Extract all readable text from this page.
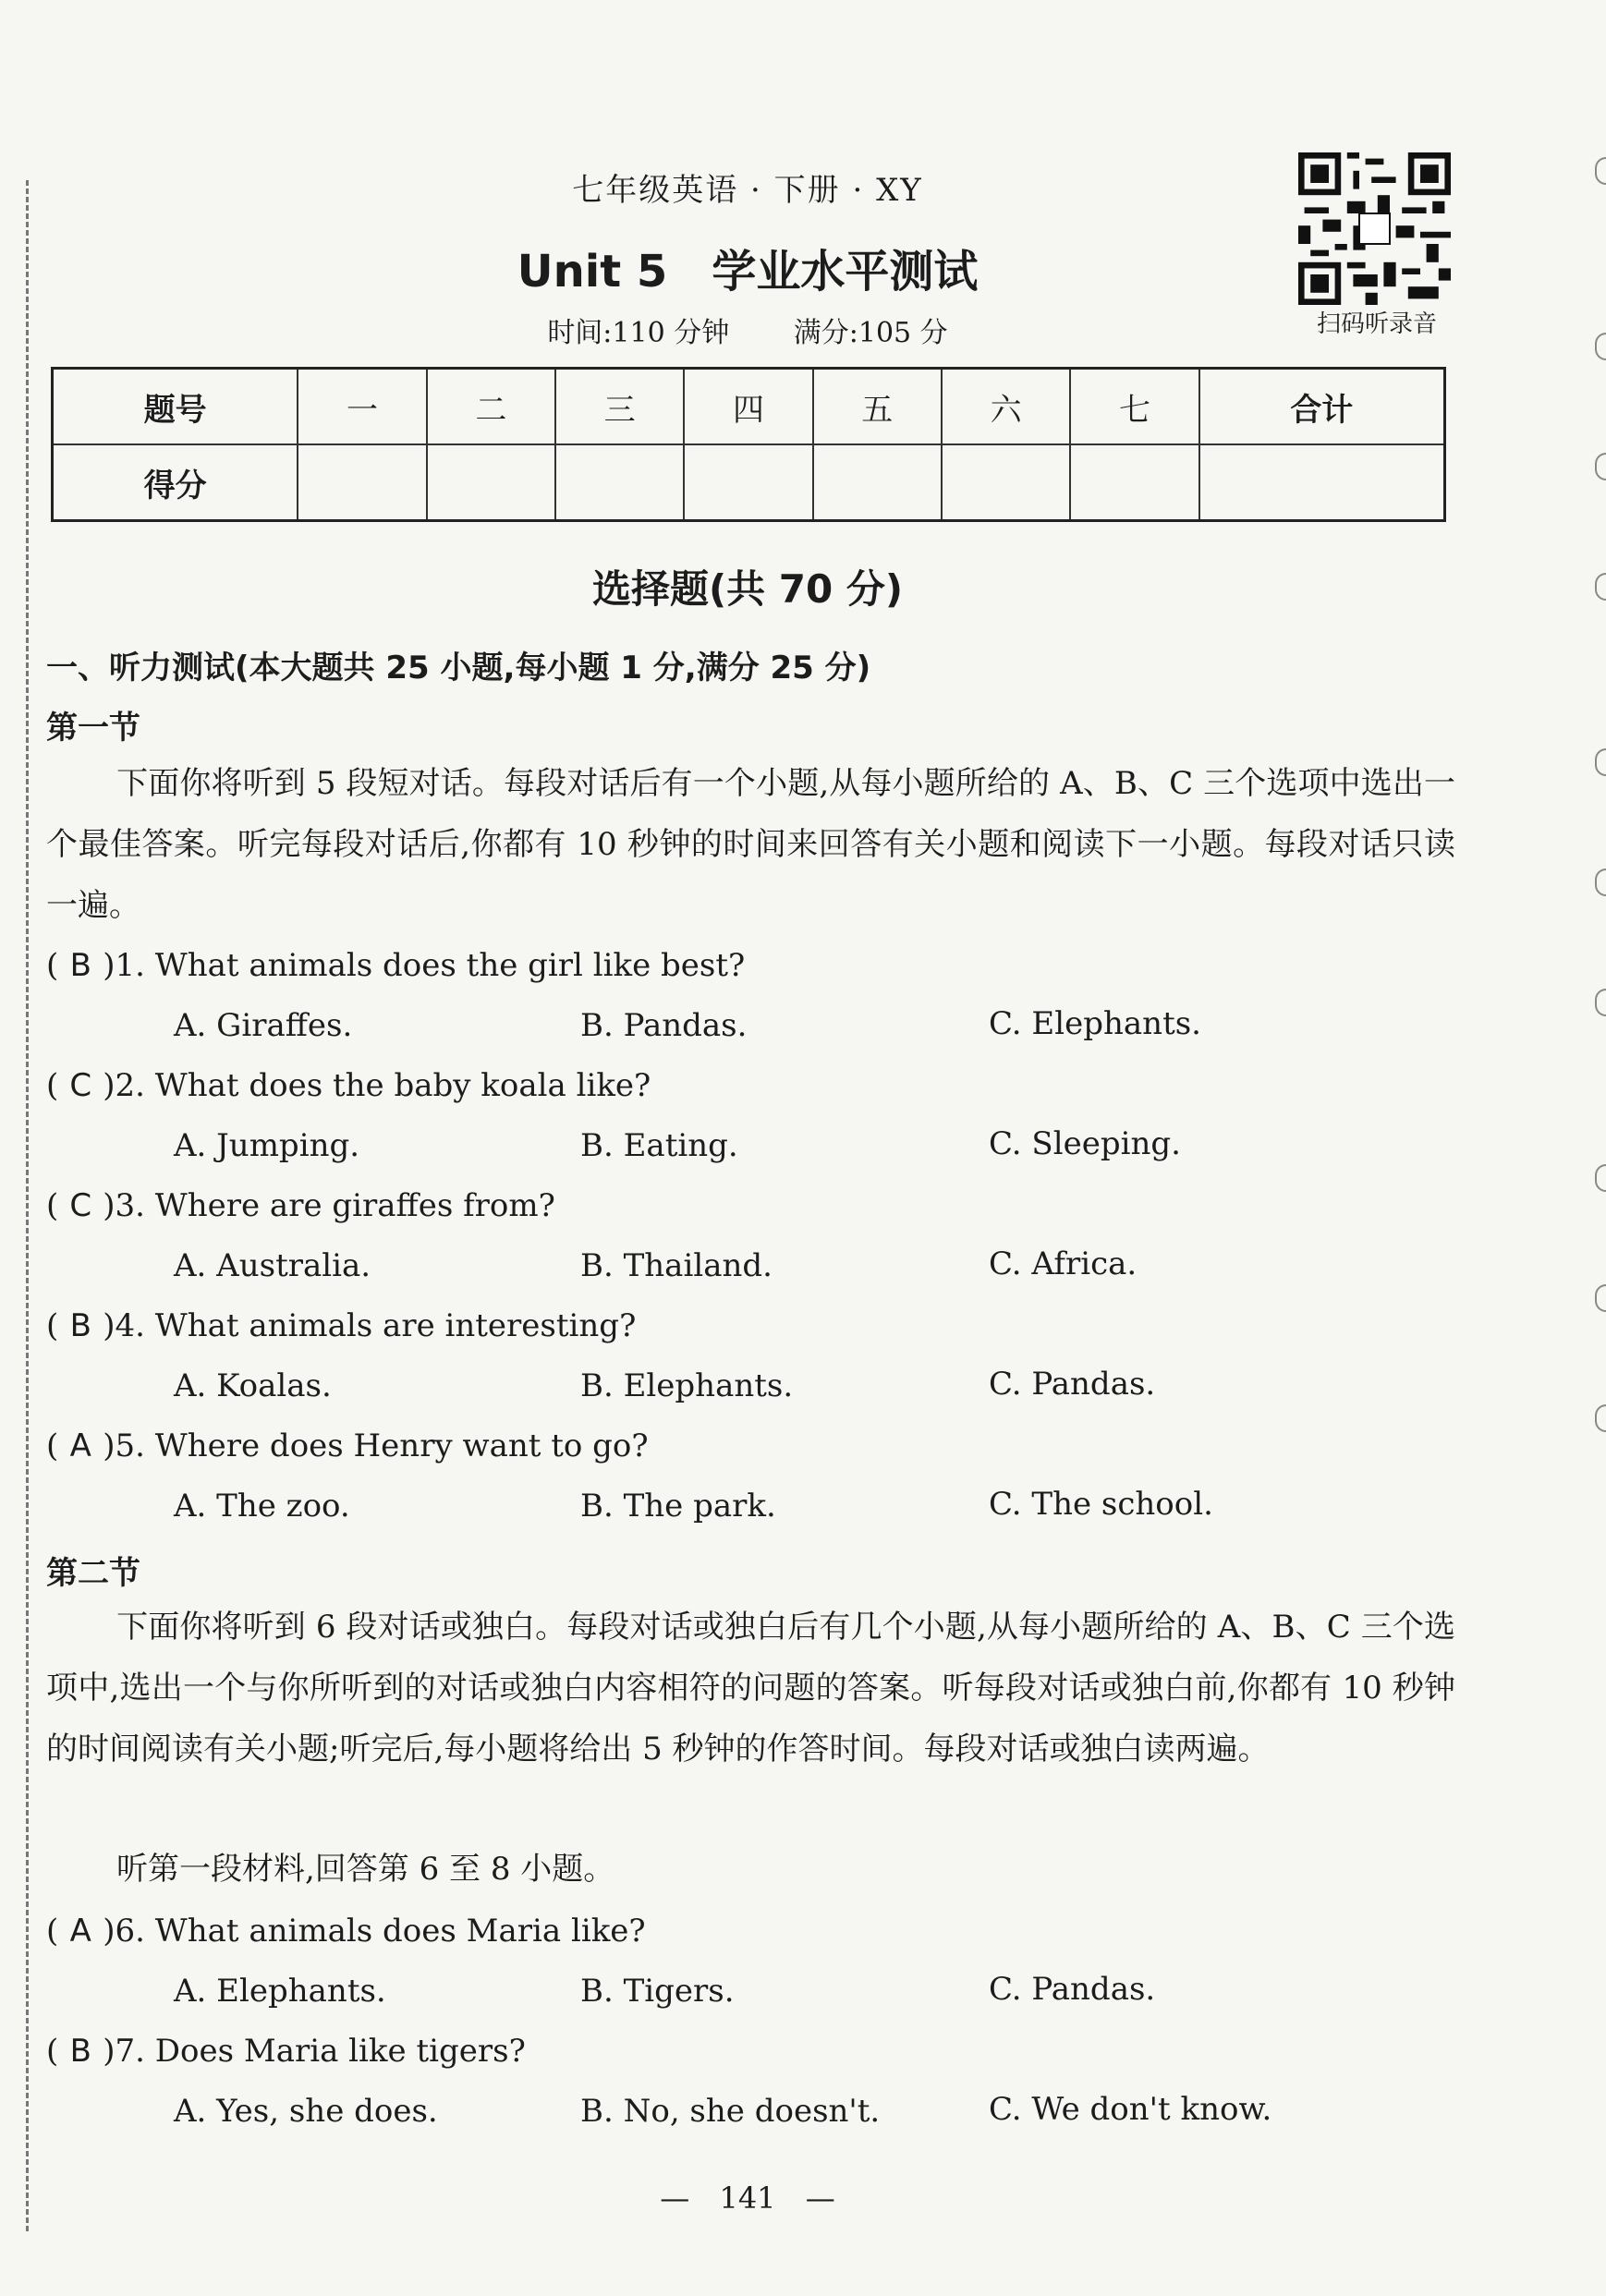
七年级英语 · 下册 · XY
Unit 5 学业水平测试
时间:110 分钟 满分:105 分	扫码听录音
题号	一	二	三	四	五	六	七	合计
得分								
选择题(共 70 分)
一、听力测试(本大题共 25 小题,每小题 1 分,满分 25 分)
第一节
下面你将听到 5 段短对话。每段对话后有一个小题,从每小题所给的 A、B、C 三个选项中选出一个最佳答案。听完每段对话后,你都有 10 秒钟的时间来回答有关小题和阅读下一小题。每段对话只读一遍。
( B )1. What animals does the girl like best?
A. Giraffes.	B. Pandas.	C. Elephants.
( C )2. What does the baby koala like?
A. Jumping.	B. Eating.	C. Sleeping.
( C )3. Where are giraffes from?
A. Australia.	B. Thailand.	C. Africa.
( B )4. What animals are interesting?
A. Koalas.	B. Elephants.	C. Pandas.
( A )5. Where does Henry want to go?
A. The zoo.	B. The park.	C. The school.
第二节
下面你将听到 6 段对话或独白。每段对话或独白后有几个小题,从每小题所给的 A、B、C 三个选项中,选出一个与你所听到的对话或独白内容相符的问题的答案。听每段对话或独白前,你都有 10 秒钟的时间阅读有关小题;听完后,每小题将给出 5 秒钟的作答时间。每段对话或独白读两遍。
听第一段材料,回答第 6 至 8 小题。
( A )6. What animals does Maria like?
A. Elephants.	B. Tigers.	C. Pandas.
( B )7. Does Maria like tigers?
A. Yes, she does.	B. No, she doesn't.	C. We don't know.
— 141 —
